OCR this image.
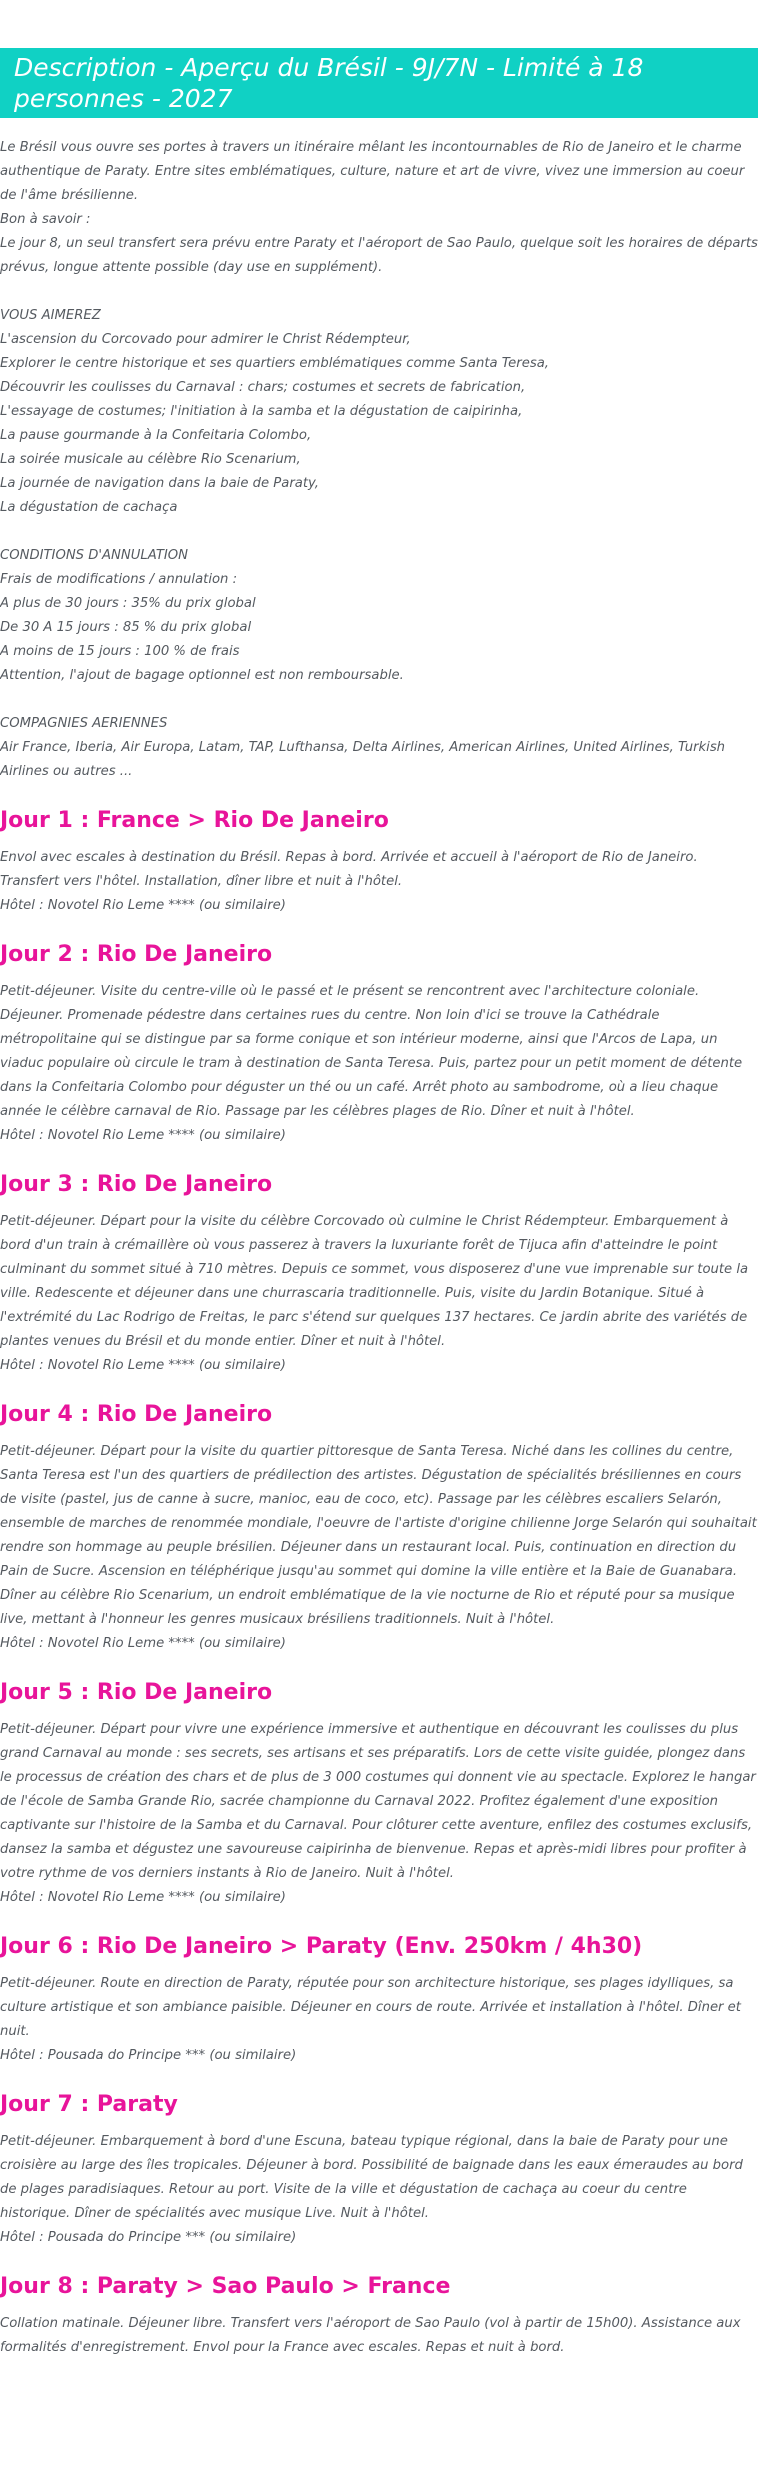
Description - Aperçu du Brésil - 9J/7N - Limité à 18 personnes - 2027

Le Brésil vous ouvre ses portes à travers un itinéraire mêlant les incontournables de Rio de Janeiro et le charme authentique de Paraty. Entre sites emblématiques, culture, nature et art de vivre, vivez une immersion au coeur de l'âme brésilienne.

Bon à savoir :

Le jour 8, un seul transfert sera prévu entre Paraty et l'aéroport de Sao Paulo, quelque soit les horaires de départs prévus, longue attente possible (day use en supplément).

VOUS AIMEREZ

L'ascension du Corcovado pour admirer le Christ Rédempteur,

Explorer le centre historique et ses quartiers emblématiques comme Santa Teresa,

Découvrir les coulisses du Carnaval : chars; costumes et secrets de fabrication,

L'essayage de costumes; l'initiation à la samba et la dégustation de caipirinha,

La pause gourmande à la Confeitaria Colombo,

La soirée musicale au célèbre Rio Scenarium,

La journée de navigation dans la baie de Paraty,

La dégustation de cachaça

CONDITIONS D'ANNULATION

Frais de modifications / annulation :

A plus de 30 jours : 35% du prix global

De 30 A 15 jours : 85 % du prix global

A moins de 15 jours : 100 % de frais

Attention, l'ajout de bagage optionnel est non remboursable.

COMPAGNIES AERIENNES

Air France, Iberia, Air Europa, Latam, TAP, Lufthansa, Delta Airlines, American Airlines, United Airlines, Turkish Airlines ou autres ...

Jour 1 : France > Rio De Janeiro

Envol avec escales à destination du Brésil. Repas à bord. Arrivée et accueil à l'aéroport de Rio de Janeiro. Transfert vers l'hôtel. Installation, dîner libre et nuit à l'hôtel.

Hôtel : Novotel Rio Leme **** (ou similaire)

Jour 2 : Rio De Janeiro

Petit-déjeuner. Visite du centre-ville où le passé et le présent se rencontrent avec l'architecture coloniale. Déjeuner. Promenade pédestre dans certaines rues du centre. Non loin d'ici se trouve la Cathédrale métropolitaine qui se distingue par sa forme conique et son intérieur moderne, ainsi que l'Arcos de Lapa, un viaduc populaire où circule le tram à destination de Santa Teresa. Puis, partez pour un petit moment de détente dans la Confeitaria Colombo pour déguster un thé ou un café. Arrêt photo au sambodrome, où a lieu chaque année le célèbre carnaval de Rio. Passage par les célèbres plages de Rio. Dîner et nuit à l'hôtel.

Hôtel : Novotel Rio Leme **** (ou similaire)

Jour 3 : Rio De Janeiro

Petit-déjeuner. Départ pour la visite du célèbre Corcovado où culmine le Christ Rédempteur. Embarquement à bord d'un train à crémaillère où vous passerez à travers la luxuriante forêt de Tijuca afin d'atteindre le point culminant du sommet situé à 710 mètres. Depuis ce sommet, vous disposerez d'une vue imprenable sur toute la ville. Redescente et déjeuner dans une churrascaria traditionnelle. Puis, visite du Jardin Botanique. Situé à l'extrémité du Lac Rodrigo de Freitas, le parc s'étend sur quelques 137 hectares. Ce jardin abrite des variétés de plantes venues du Brésil et du monde entier. Dîner et nuit à l'hôtel.

Hôtel : Novotel Rio Leme **** (ou similaire)

Jour 4 : Rio De Janeiro

Petit-déjeuner. Départ pour la visite du quartier pittoresque de Santa Teresa. Niché dans les collines du centre, Santa Teresa est l'un des quartiers de prédilection des artistes. Dégustation de spécialités brésiliennes en cours de visite (pastel, jus de canne à sucre, manioc, eau de coco, etc). Passage par les célèbres escaliers Selarón, ensemble de marches de renommée mondiale, l'oeuvre de l'artiste d'origine chilienne Jorge Selarón qui souhaitait rendre son hommage au peuple brésilien. Déjeuner dans un restaurant local. Puis, continuation en direction du Pain de Sucre. Ascension en téléphérique jusqu'au sommet qui domine la ville entière et la Baie de Guanabara. Dîner au célèbre Rio Scenarium, un endroit emblématique de la vie nocturne de Rio et réputé pour sa musique live, mettant à l'honneur les genres musicaux brésiliens traditionnels. Nuit à l'hôtel.

Hôtel : Novotel Rio Leme **** (ou similaire)

Jour 5 : Rio De Janeiro

Petit-déjeuner. Départ pour vivre une expérience immersive et authentique en découvrant les coulisses du plus grand Carnaval au monde : ses secrets, ses artisans et ses préparatifs. Lors de cette visite guidée, plongez dans le processus de création des chars et de plus de 3 000 costumes qui donnent vie au spectacle. Explorez le hangar de l'école de Samba Grande Rio, sacrée championne du Carnaval 2022. Profitez également d'une exposition captivante sur l'histoire de la Samba et du Carnaval. Pour clôturer cette aventure, enfilez des costumes exclusifs, dansez la samba et dégustez une savoureuse caipirinha de bienvenue. Repas et après-midi libres pour profiter à votre rythme de vos derniers instants à Rio de Janeiro. Nuit à l'hôtel.

Hôtel : Novotel Rio Leme **** (ou similaire)

Jour 6 : Rio De Janeiro > Paraty (Env. 250km / 4h30)

Petit-déjeuner. Route en direction de Paraty, réputée pour son architecture historique, ses plages idylliques, sa culture artistique et son ambiance paisible. Déjeuner en cours de route. Arrivée et installation à l'hôtel. Dîner et nuit.

Hôtel : Pousada do Principe *** (ou similaire)

Jour 7 : Paraty

Petit-déjeuner. Embarquement à bord d'une Escuna, bateau typique régional, dans la baie de Paraty pour une croisière au large des îles tropicales. Déjeuner à bord. Possibilité de baignade dans les eaux émeraudes au bord de plages paradisiaques. Retour au port. Visite de la ville et dégustation de cachaça au coeur du centre historique. Dîner de spécialités avec musique Live. Nuit à l'hôtel.

Hôtel : Pousada do Principe *** (ou similaire)

Jour 8 : Paraty > Sao Paulo > France

Collation matinale. Déjeuner libre. Transfert vers l'aéroport de Sao Paulo (vol à partir de 15h00). Assistance aux formalités d'enregistrement. Envol pour la France avec escales. Repas et nuit à bord.
